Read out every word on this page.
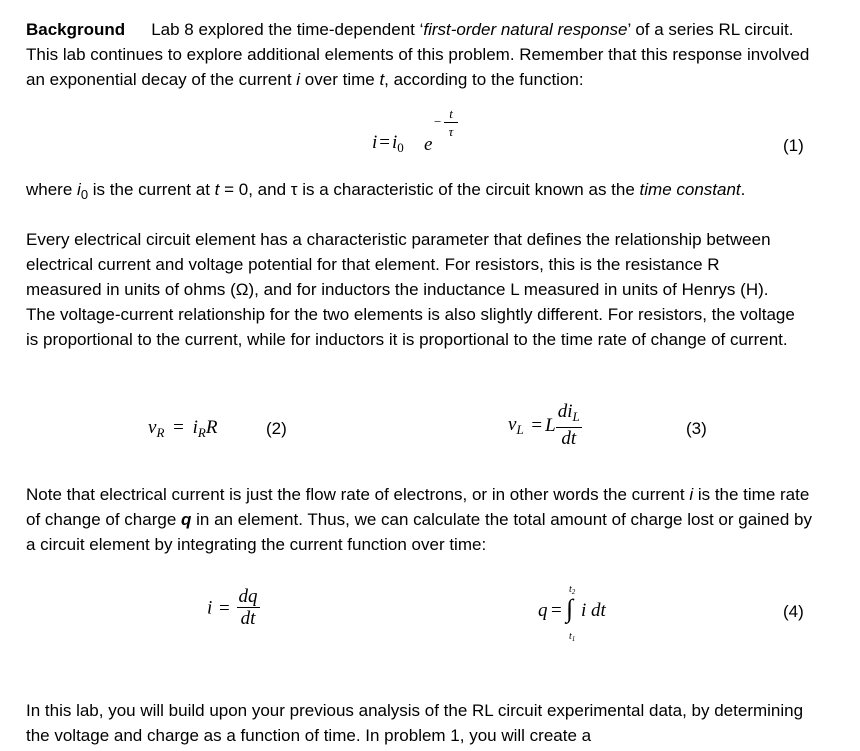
Background Lab 8 explored the time-dependent ‘first-order natural response’ of a series RL circuit. This lab continues to explore additional elements of this problem. Remember that this response involved an exponential decay of the current i over time t, according to the function:

$i = i_0$ e
−
t
τ
(1)

where $i_0$ is the current at t = 0, and τ is a characteristic of the circuit known as the time constant.

Every electrical circuit element has a characteristic parameter that defines the relationship between electrical current and voltage potential for that element. For resistors, this is the resistance R measured in units of ohms (Ω), and for inductors the inductance L measured in units of Henrys (H). The voltage-current relationship for the two elements is also slightly different. For resistors, the voltage is proportional to the current, while for inductors it is proportional to the time rate of change of current.

$v_R = i_RR$	(2)	$v_L = L \frac{di_L}{dt}$	(3)

Note that electrical current is just the flow rate of electrons, or in other words the current i is the time rate of change of charge q in an element. Thus, we can calculate the total amount of charge lost or gained by a circuit element by integrating the current function over time:

$i = \frac{dq}{dt}$	q = ∫
$t_2$
$t_1$
i dt	(4)

In this lab, you will build upon your previous analysis of the RL circuit experimental data, by determining the voltage and charge as a function of time. In problem 1, you will create a
